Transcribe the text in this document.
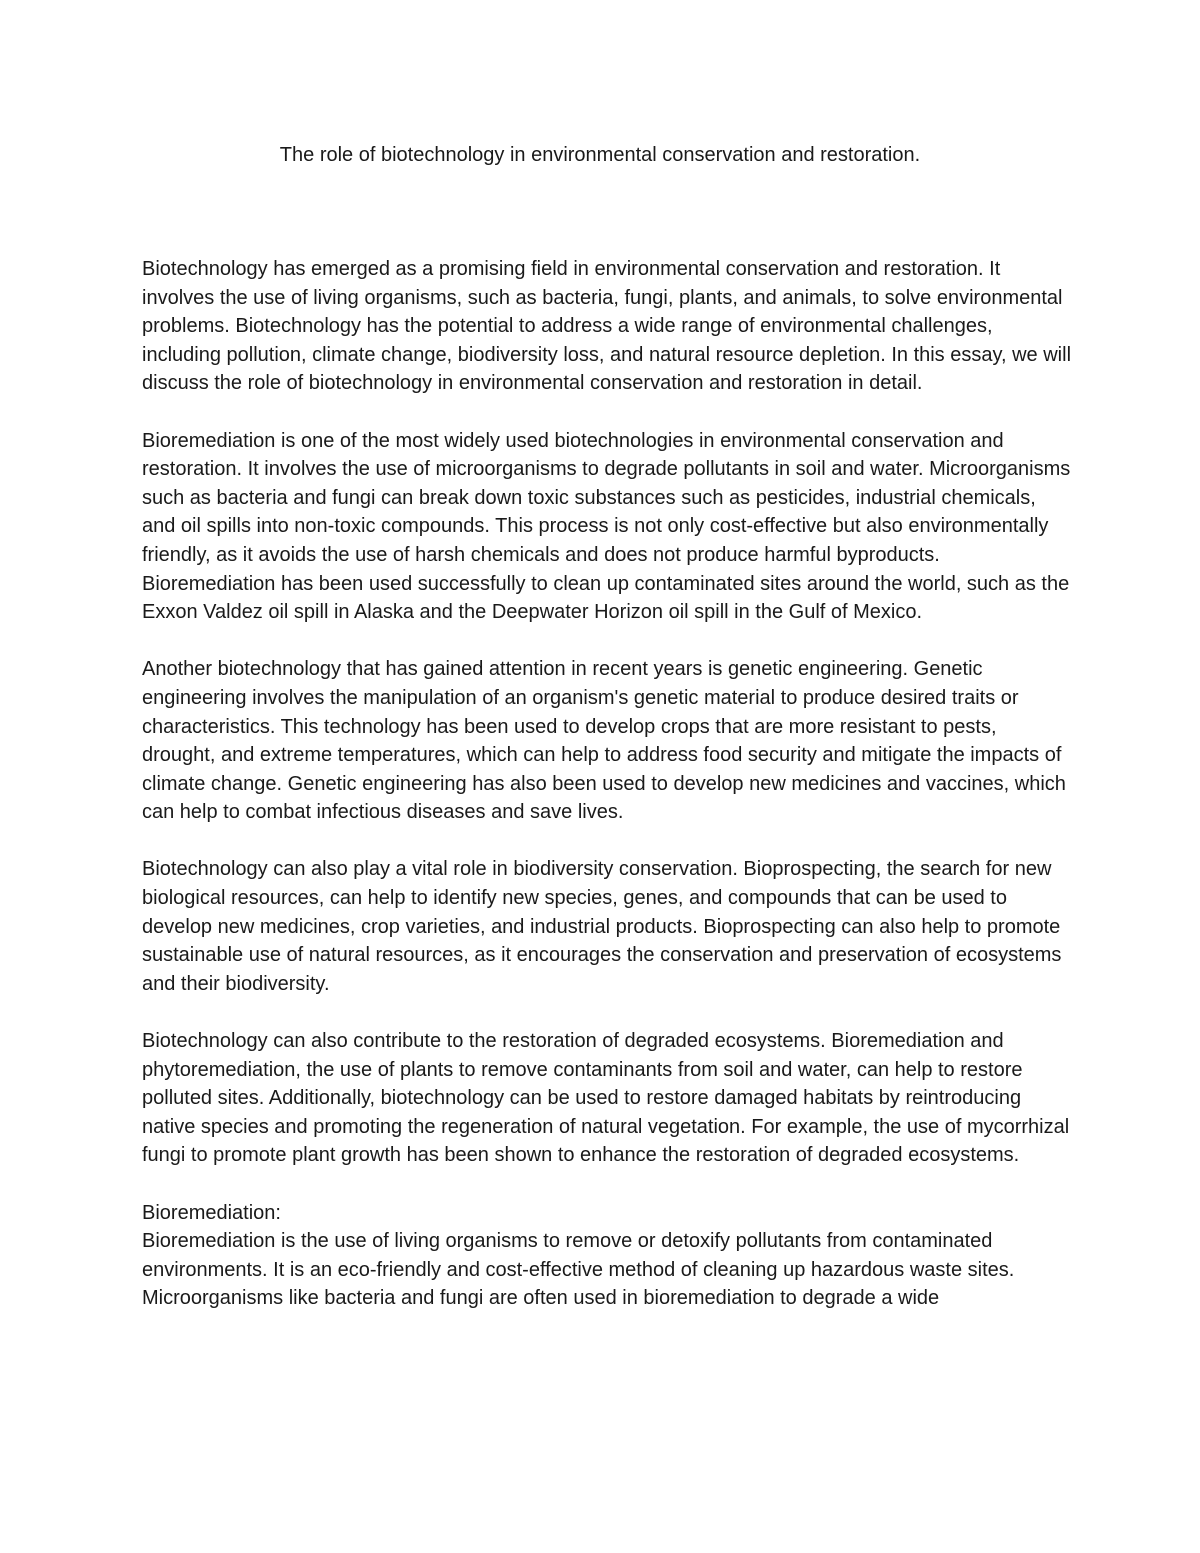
The role of biotechnology in environmental conservation and restoration.

Biotechnology has emerged as a promising field in environmental conservation and restoration. It involves the use of living organisms, such as bacteria, fungi, plants, and animals, to solve environmental problems. Biotechnology has the potential to address a wide range of environmental challenges, including pollution, climate change, biodiversity loss, and natural resource depletion. In this essay, we will discuss the role of biotechnology in environmental conservation and restoration in detail.

Bioremediation is one of the most widely used biotechnologies in environmental conservation and restoration. It involves the use of microorganisms to degrade pollutants in soil and water. Microorganisms such as bacteria and fungi can break down toxic substances such as pesticides, industrial chemicals, and oil spills into non-toxic compounds. This process is not only cost-effective but also environmentally friendly, as it avoids the use of harsh chemicals and does not produce harmful byproducts. Bioremediation has been used successfully to clean up contaminated sites around the world, such as the Exxon Valdez oil spill in Alaska and the Deepwater Horizon oil spill in the Gulf of Mexico.

Another biotechnology that has gained attention in recent years is genetic engineering. Genetic engineering involves the manipulation of an organism's genetic material to produce desired traits or characteristics. This technology has been used to develop crops that are more resistant to pests, drought, and extreme temperatures, which can help to address food security and mitigate the impacts of climate change. Genetic engineering has also been used to develop new medicines and vaccines, which can help to combat infectious diseases and save lives.

Biotechnology can also play a vital role in biodiversity conservation. Bioprospecting, the search for new biological resources, can help to identify new species, genes, and compounds that can be used to develop new medicines, crop varieties, and industrial products. Bioprospecting can also help to promote sustainable use of natural resources, as it encourages the conservation and preservation of ecosystems and their biodiversity.

Biotechnology can also contribute to the restoration of degraded ecosystems. Bioremediation and phytoremediation, the use of plants to remove contaminants from soil and water, can help to restore polluted sites. Additionally, biotechnology can be used to restore damaged habitats by reintroducing native species and promoting the regeneration of natural vegetation. For example, the use of mycorrhizal fungi to promote plant growth has been shown to enhance the restoration of degraded ecosystems.

Bioremediation:

Bioremediation is the use of living organisms to remove or detoxify pollutants from contaminated environments. It is an eco-friendly and cost-effective method of cleaning up hazardous waste sites. Microorganisms like bacteria and fungi are often used in bioremediation to degrade a wide
